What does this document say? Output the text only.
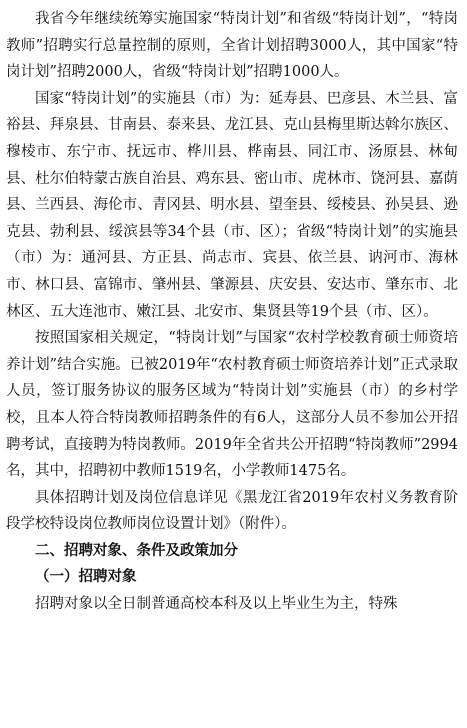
我省今年继续统筹实施国家“特岗计划”和省级“特岗计划”，“特岗教师”招聘实行总量控制的原则，全省计划招聘3000人，其中国家“特岗计划”招聘2000人，省级“特岗计划”招聘1000人。

国家“特岗计划”的实施县（市）为：延寿县、巴彦县、木兰县、富裕县、拜泉县、甘南县、泰来县、龙江县、克山县梅里斯达斡尔族区、穆棱市、东宁市、抚远市、桦川县、桦南县、同江市、汤原县、林甸县、杜尔伯特蒙古族自治县、鸡东县、密山市、虎林市、饶河县、嘉荫县、兰西县、海伦市、青冈县、明水县、望奎县、绥棱县、孙吴县、逊克县、勃利县、绥滨县等34个县（市、区）；省级“特岗计划”的实施县（市）为：通河县、方正县、尚志市、宾县、依兰县、讷河市、海林市、林口县、富锦市、肇州县、肇源县、庆安县、安达市、肇东市、北林区、五大连池市、嫩江县、北安市、集贤县等19个县（市、区）。

按照国家相关规定，“特岗计划”与国家“农村学校教育硕士师资培养计划”结合实施。已被2019年“农村教育硕士师资培养计划”正式录取人员，签订服务协议的服务区域为“特岗计划”实施县（市）的乡村学校，且本人符合特岗教师招聘条件的有6人，这部分人员不参加公开招聘考试，直接聘为特岗教师。2019年全省共公开招聘“特岗教师”2994名，其中，招聘初中教师1519名，小学教师1475名。

具体招聘计划及岗位信息详见《黑龙江省2019年农村义务教育阶段学校特设岗位教师岗位设置计划》（附件）。

二、招聘对象、条件及政策加分

（一）招聘对象

招聘对象以全日制普通高校本科及以上毕业生为主，特殊
